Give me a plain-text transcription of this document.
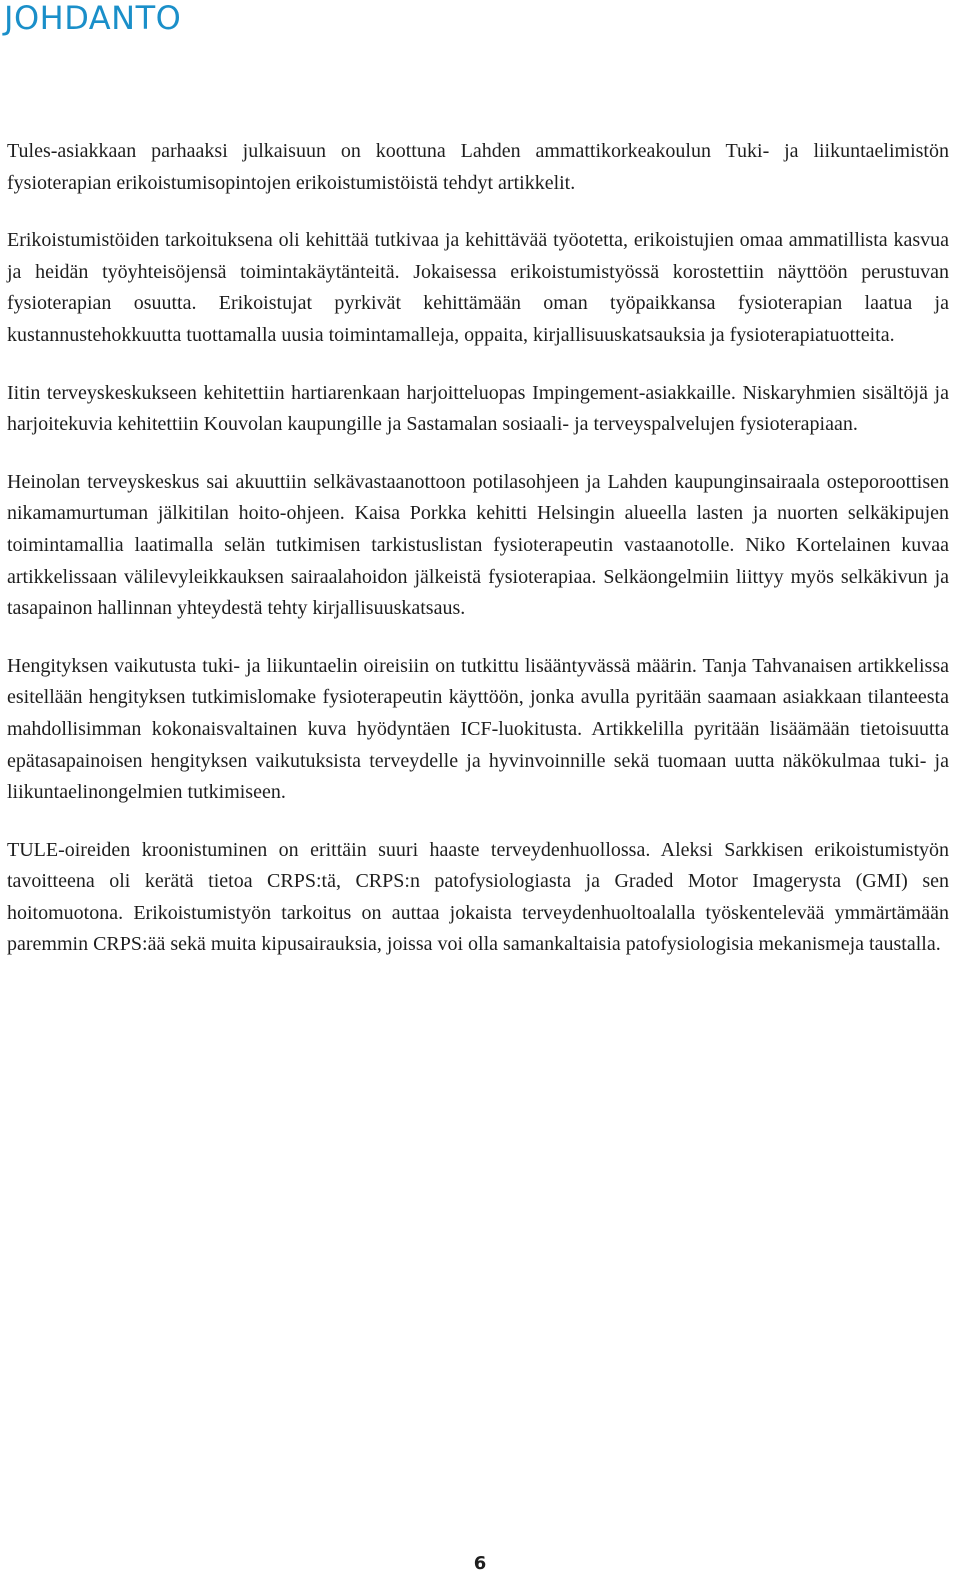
JOHDANTO

Tules-asiakkaan parhaaksi julkaisuun on koottuna Lahden ammattikorkeakoulun Tuki- ja liikuntaelimistön fysioterapian erikoistumisopintojen erikoistumistöistä tehdyt artikkelit.

Erikoistumistöiden tarkoituksena oli kehittää tutkivaa ja kehittävää työotetta, erikoistujien omaa ammatillista kasvua ja heidän työyhteisöjensä toimintakäytänteitä. Jokaisessa erikoistumistyössä korostettiin näyttöön perustuvan fysioterapian osuutta. Erikoistujat pyrkivät kehittämään oman työpaikkansa fysioterapian laatua ja kustannustehokkuutta tuottamalla uusia toimintamalleja, oppaita, kirjallisuuskatsauksia ja fysioterapiatuotteita.

Iitin terveyskeskukseen kehitettiin hartiarenkaan harjoitteluopas Impingement-asiakkaille. Niskaryhmien sisältöjä ja harjoitekuvia kehitettiin Kouvolan kaupungille ja Sastamalan sosiaali- ja terveyspalvelujen fysioterapiaan.

Heinolan terveyskeskus sai akuuttiin selkävastaanottoon potilasohjeen ja Lahden kaupunginsairaala osteporoottisen nikamamurtuman jälkitilan hoito-ohjeen. Kaisa Porkka kehitti Helsingin alueella lasten ja nuorten selkäkipujen toimintamallia laatimalla selän tutkimisen tarkistuslistan fysioterapeutin vastaanotolle. Niko Kortelainen kuvaa artikkelissaan välilevyleikkauksen sairaalahoidon jälkeistä fysioterapiaa. Selkäongelmiin liittyy myös selkäkivun ja tasapainon hallinnan yhteydestä tehty kirjallisuuskatsaus.

Hengityksen vaikutusta tuki- ja liikuntaelin oireisiin on tutkittu lisääntyvässä määrin. Tanja Tahvanaisen artikkelissa esitellään hengityksen tutkimislomake fysioterapeutin käyttöön, jonka avulla pyritään saamaan asiakkaan tilanteesta mahdollisimman kokonaisvaltainen kuva hyödyntäen ICF-luokitusta. Artikkelilla pyritään lisäämään tietoisuutta epätasapainoisen hengityksen vaikutuksista terveydelle ja hyvinvoinnille sekä tuomaan uutta näkökulmaa tuki- ja liikuntaelinongelmien tutkimiseen.

TULE-oireiden kroonistuminen on erittäin suuri haaste terveydenhuollossa. Aleksi Sarkkisen erikoistumistyön tavoitteena oli kerätä tietoa CRPS:tä, CRPS:n patofysiologiasta ja Graded Motor Imagerysta (GMI) sen hoitomuotona. Erikoistumistyön tarkoitus on auttaa jokaista terveydenhuoltoalalla työskentelevää ymmärtämään paremmin CRPS:ää sekä muita kipusairauksia, joissa voi olla samankaltaisia patofysiologisia mekanismeja taustalla.

6
